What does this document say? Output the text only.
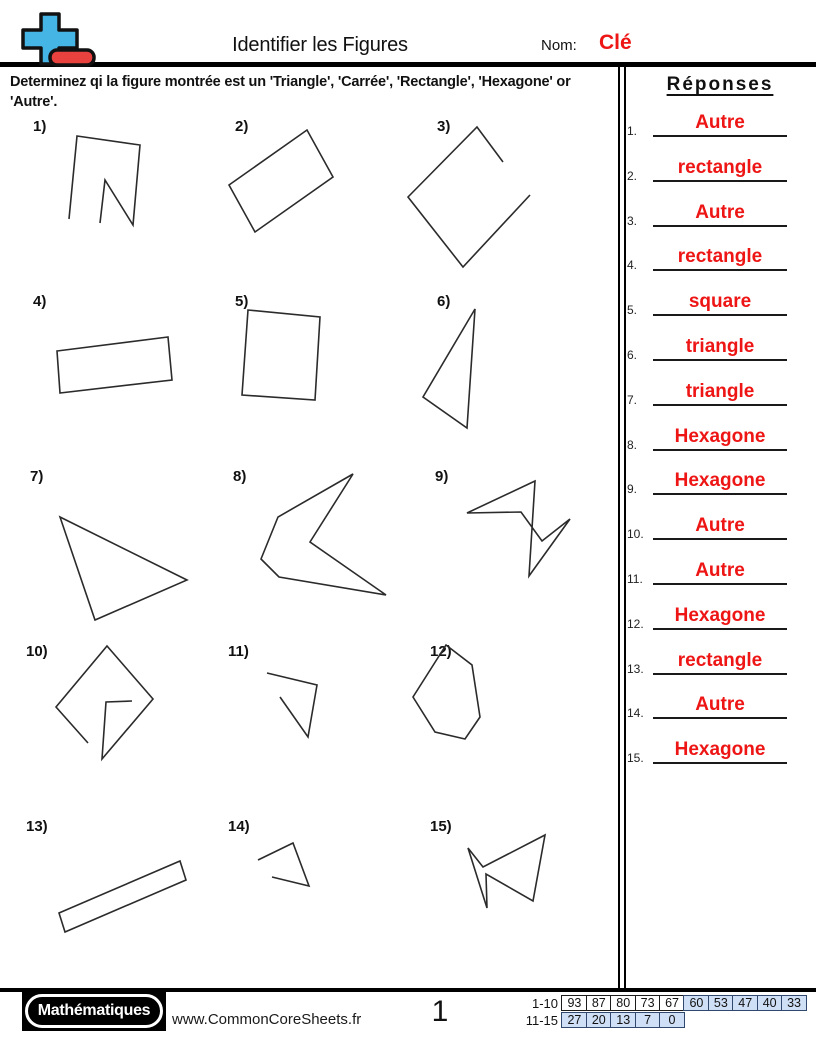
Identifier les Figures	Nom: Clé
Determinez qi la figure montrée est un 'Triangle', 'Carrée', 'Rectangle', 'Hexagone' or 'Autre'.
Réponses
1.	Autre
2.	rectangle
3.	Autre
4.	rectangle
5.	square
6.	triangle
7.	triangle
8.	Hexagone
9.	Hexagone
10.	Autre
11.	Autre
12.	Hexagone
13.	rectangle
14.	Autre
15.	Hexagone
1)	2)	3)
4)	5)	6)
7)	8)	9)
10)	11)	12)
13)	14)	15)
Mathématiques
www.CommonCoreSheets.fr	1	1-10 93 87 80 73 67 60 53 47 40 33
11-15 27 20 13	7	0
